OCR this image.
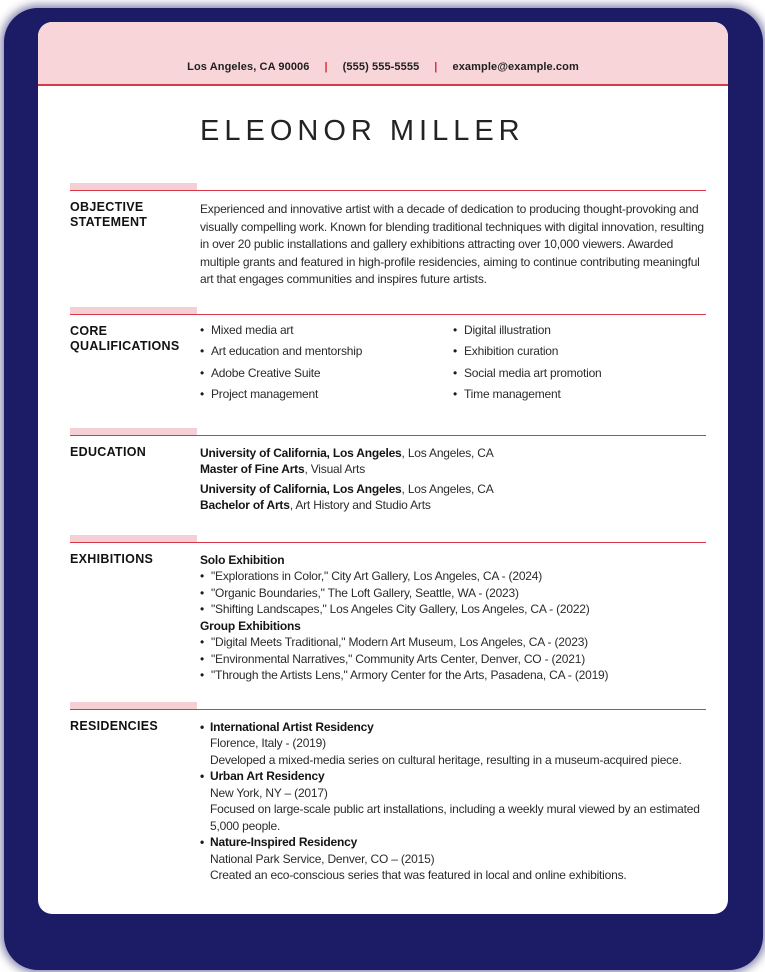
Los Angeles, CA 90006 | (555) 555-5555 | example@example.com
ELEONOR MILLER
OBJECTIVE STATEMENT

Experienced and innovative artist with a decade of dedication to producing thought-provoking and visually compelling work. Known for blending traditional techniques with digital innovation, resulting in over 20 public installations and gallery exhibitions attracting over 10,000 viewers. Awarded multiple grants and featured in high-profile residencies, aiming to continue contributing meaningful art that engages communities and inspires future artists.

CORE QUALIFICATIONS
• Mixed media art
• Art education and mentorship
• Adobe Creative Suite
• Project management
• Digital illustration
• Exhibition curation
• Social media art promotion
• Time management
EDUCATION	University of California, Los Angeles, Los Angeles, CA
Master of Fine Arts, Visual Arts
University of California, Los Angeles, Los Angeles, CA
Bachelor of Arts, Art History and Studio Arts
EXHIBITIONS	Solo Exhibition
• "Explorations in Color," City Art Gallery, Los Angeles, CA - (2024)
• "Organic Boundaries," The Loft Gallery, Seattle, WA - (2023)
• "Shifting Landscapes," Los Angeles City Gallery, Los Angeles, CA - (2022)
Group Exhibitions
• "Digital Meets Traditional," Modern Art Museum, Los Angeles, CA - (2023)
• "Environmental Narratives," Community Arts Center, Denver, CO - (2021)
• "Through the Artists Lens," Armory Center for the Arts, Pasadena, CA - (2019)
RESIDENCIES	• International Artist Residency
Florence, Italy - (2019)
Developed a mixed-media series on cultural heritage, resulting in a museum-acquired piece.
• Urban Art Residency
New York, NY – (2017)
Focused on large-scale public art installations, including a weekly mural viewed by an estimated 5,000 people.
• Nature-Inspired Residency
National Park Service, Denver, CO – (2015)
Created an eco-conscious series that was featured in local and online exhibitions.
